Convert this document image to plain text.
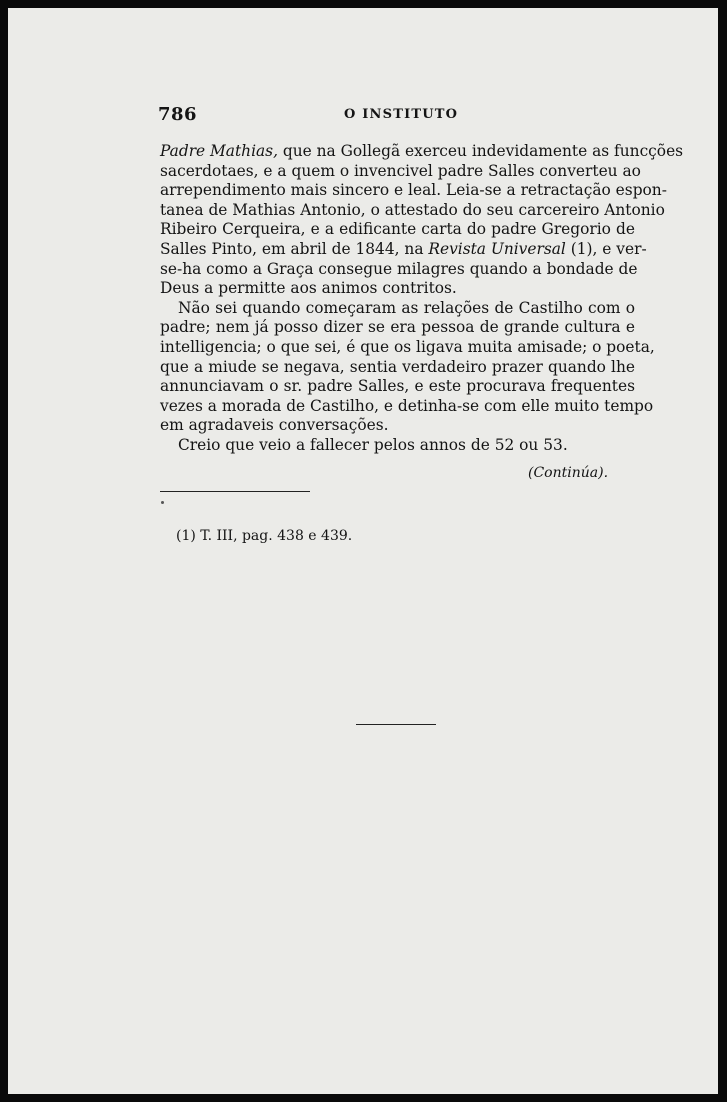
786	O INSTITUTO
Padre Mathias, que na Gollegã exerceu indevidamente as funcções
sacerdotaes, e a quem o invencivel padre Salles converteu ao
arrependimento mais sincero e leal. Leia-se a retractação espon-
tanea de Mathias Antonio, o attestado do seu carcereiro Antonio
Ribeiro Cerqueira, e a edificante carta do padre Gregorio de
Salles Pinto, em abril de 1844, na Revista Universal (1), e ver-
se-ha como a Graça consegue milagres quando a bondade de
Deus a permitte aos animos contritos.
Não sei quando começaram as relações de Castilho com o
padre; nem já posso dizer se era pessoa de grande cultura e
intelligencia; o que sei, é que os ligava muita amisade; o poeta,
que a miude se negava, sentia verdadeiro prazer quando lhe
annunciavam o sr. padre Salles, e este procurava frequentes
vezes a morada de Castilho, e detinha-se com elle muito tempo
em agradaveis conversações.
Creio que veio a fallecer pelos annos de 52 ou 53.
(Continúa).
(1) T. III, pag. 438 e 439.
